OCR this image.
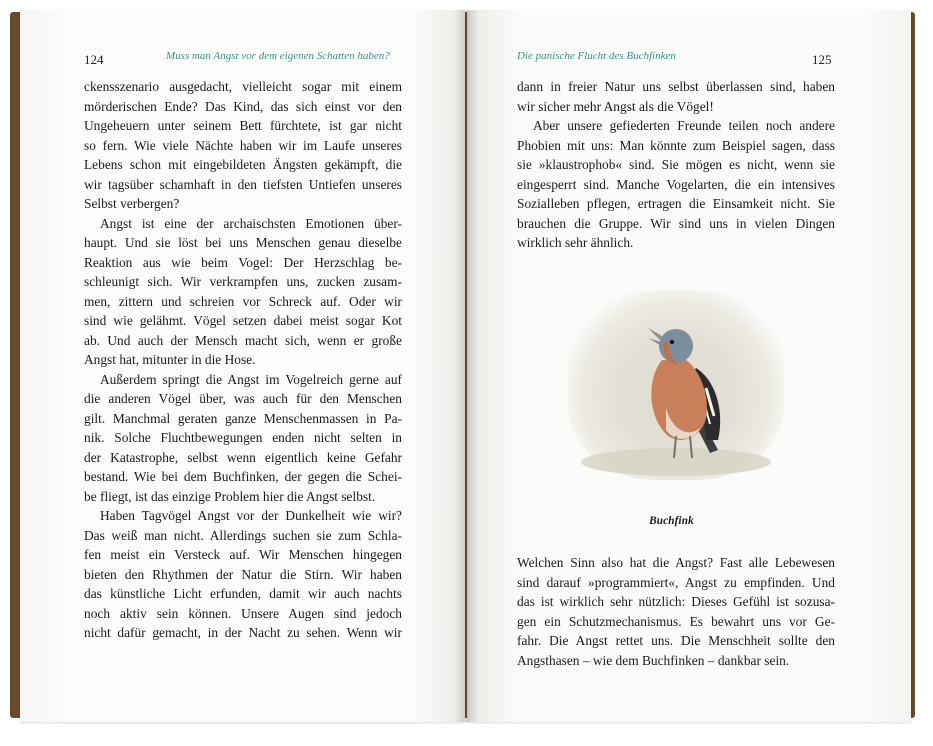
124	Muss man Angst vor dem eigenen Schatten haben?
ckensszenario ausgedacht, vielleicht sogar mit einem
mörderischen Ende? Das Kind, das sich einst vor den
Ungeheuern unter seinem Bett fürchtete, ist gar nicht
so fern. Wie viele Nächte haben wir im Laufe unseres
Lebens schon mit eingebildeten Ängsten gekämpft, die
wir tagsüber schamhaft in den tiefsten Untiefen unseres
Selbst verbergen?
Angst ist eine der archaischsten Emotionen über-
haupt. Und sie löst bei uns Menschen genau dieselbe
Reaktion aus wie beim Vogel: Der Herzschlag be-
schleunigt sich. Wir verkrampfen uns, zucken zusam-
men, zittern und schreien vor Schreck auf. Oder wir
sind wie gelähmt. Vögel setzen dabei meist sogar Kot
ab. Und auch der Mensch macht sich, wenn er große
Angst hat, mitunter in die Hose.
Außerdem springt die Angst im Vogelreich gerne auf
die anderen Vögel über, was auch für den Menschen
gilt. Manchmal geraten ganze Menschenmassen in Pa-
nik. Solche Fluchtbewegungen enden nicht selten in
der Katastrophe, selbst wenn eigentlich keine Gefahr
bestand. Wie bei dem Buchfinken, der gegen die Schei-
be fliegt, ist das einzige Problem hier die Angst selbst.
Haben Tagvögel Angst vor der Dunkelheit wie wir?
Das weiß man nicht. Allerdings suchen sie zum Schla-
fen meist ein Versteck auf. Wir Menschen hingegen
bieten den Rhythmen der Natur die Stirn. Wir haben
das künstliche Licht erfunden, damit wir auch nachts
noch aktiv sein können. Unsere Augen sind jedoch
nicht dafür gemacht, in der Nacht zu sehen. Wenn wir
Die panische Flucht des Buchfinken	125
dann in freier Natur uns selbst überlassen sind, haben
wir sicher mehr Angst als die Vögel!
Aber unsere gefiederten Freunde teilen noch andere
Phobien mit uns: Man könnte zum Beispiel sagen, dass
sie »klaustrophob« sind. Sie mögen es nicht, wenn sie
eingesperrt sind. Manche Vogelarten, die ein intensives
Sozialleben pflegen, ertragen die Einsamkeit nicht. Sie
brauchen die Gruppe. Wir sind uns in vielen Dingen
wirklich sehr ähnlich.
Buchfink
Welchen Sinn also hat die Angst? Fast alle Lebewesen
sind darauf »programmiert«, Angst zu empfinden. Und
das ist wirklich sehr nützlich: Dieses Gefühl ist sozusa-
gen ein Schutzmechanismus. Es bewahrt uns vor Ge-
fahr. Die Angst rettet uns. Die Menschheit sollte den
Angsthasen – wie dem Buchfinken – dankbar sein.
